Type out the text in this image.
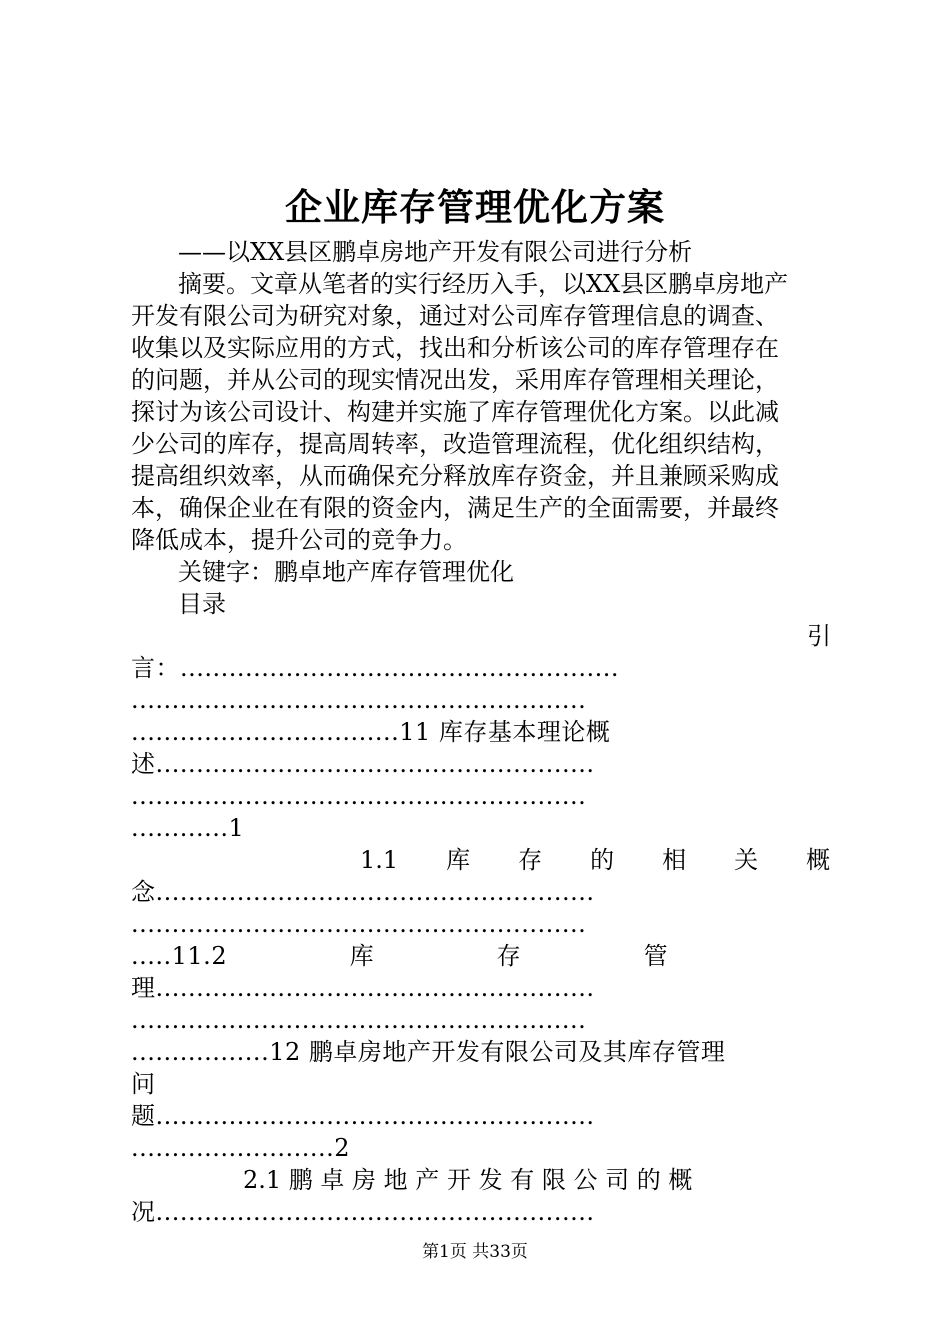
企业库存管理优化方案
——以XX县区鹏卓房地产开发有限公司进行分析
摘要。文章从笔者的实行经历入手，以XX县区鹏卓房地产
开发有限公司为研究对象，通过对公司库存管理信息的调查、
收集以及实际应用的方式，找出和分析该公司的库存管理存在
的问题，并从公司的现实情况出发，采用库存管理相关理论，
探讨为该公司设计、构建并实施了库存管理优化方案。以此减
少公司的库存，提高周转率，改造管理流程，优化组织结构，
提高组织效率，从而确保充分释放库存资金，并且兼顾采购成
本，确保企业在有限的资金内，满足生产的全面需要，并最终
降低成本，提升公司的竞争力。
关键字：鹏卓地产库存管理优化
目录
引
言：......................................................
........................................................
.................................11 库存基本理论概
述......................................................
........................................................
............1
1.1　　库　　存　　的　　相　　关　　概
念......................................................
........................................................
.....11.2　　　　　库　　　　　存　　　　　管
理......................................................
........................................................
.................12 鹏卓房地产开发有限公司及其库存管理
问
题......................................................
.........................2
2.1 鹏 卓 房 地 产 开 发 有 限 公 司 的 概
况......................................................
第1页 共33页
